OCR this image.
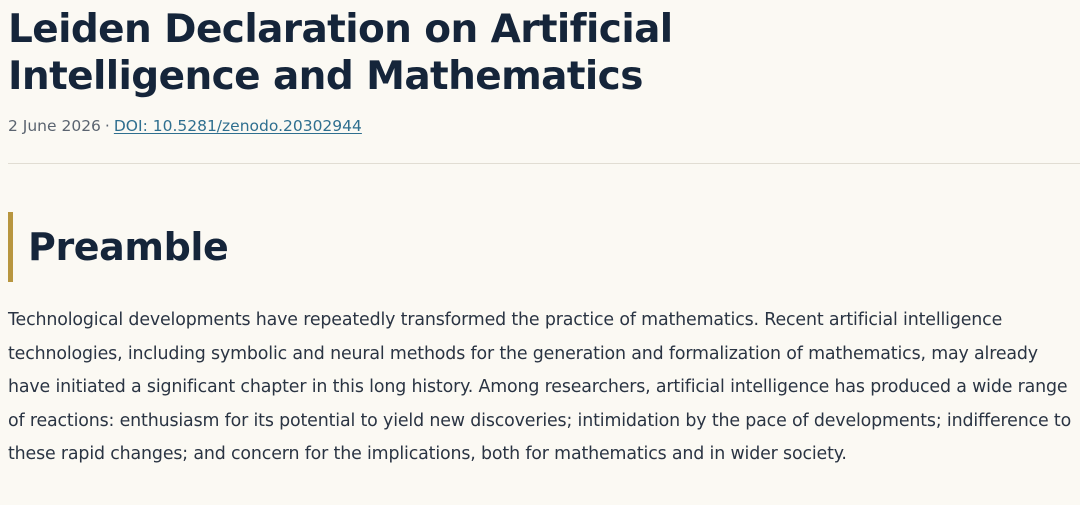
Leiden Declaration on Artificial Intelligence and Mathematics
2 June 2026 · DOI: 10.5281/zenodo.20302944
Preamble

Technological developments have repeatedly transformed the practice of mathematics. Recent artificial intelligence technologies, including symbolic and neural methods for the generation and formalization of mathematics, may already have initiated a significant chapter in this long history. Among researchers, artificial intelligence has produced a wide range of reactions: enthusiasm for its potential to yield new discoveries; intimidation by the pace of developments; indifference to these rapid changes; and concern for the implications, both for mathematics and in wider society.
